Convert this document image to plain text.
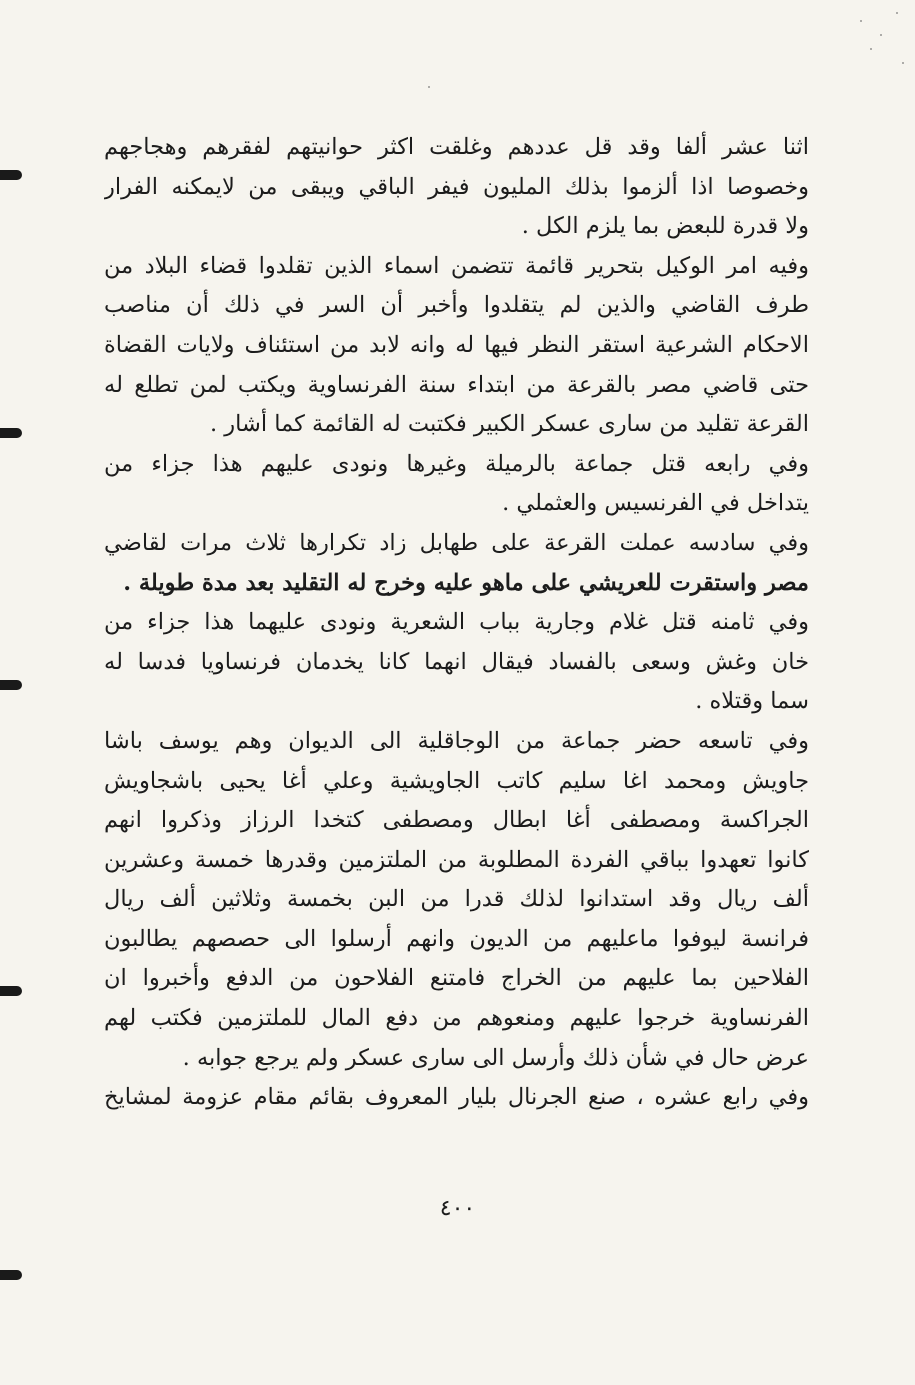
اثنا عشر ألفا وقد قل عددهم وغلقت اكثر حوانيتهم لفقرهم وهجاجهم
وخصوصا اذا ألزموا بذلك المليون فيفر الباقي ويبقى من لايمكنه الفرار
ولا قدرة للبعض بما يلزم الكل .
وفيه امر الوكيل بتحرير قائمة تتضمن اسماء الذين تقلدوا قضاء البلاد من
طرف القاضي والذين لم يتقلدوا وأخبر أن السر في ذلك أن مناصب
الاحكام الشرعية استقر النظر فيها له وانه لابد من استئناف ولايات القضاة
حتى قاضي مصر بالقرعة من ابتداء سنة الفرنساوية ويكتب لمن تطلع له
القرعة تقليد من سارى عسكر الكبير فكتبت له القائمة كما أشار .
وفي رابعه قتل جماعة بالرميلة وغيرها ونودى عليهم هذا جزاء من
يتداخل في الفرنسيس والعثملي .
وفي سادسه عملت القرعة على طهابل زاد تكرارها ثلاث مرات لقاضي
مصر واستقرت للعريشي على ماهو عليه وخرج له التقليد بعد مدة طويلة .
وفي ثامنه قتل غلام وجارية بباب الشعرية ونودى عليهما هذا جزاء من
خان وغش وسعى بالفساد فيقال انهما كانا يخدمان فرنساويا فدسا له
سما وقتلاه .
وفي تاسعه حضر جماعة من الوجاقلية الى الديوان وهم يوسف باشا
جاويش ومحمد اغا سليم كاتب الجاويشية وعلي أغا يحيى باشجاويش
الجراكسة ومصطفى أغا ابطال ومصطفى كتخدا الرزاز وذكروا انهم
كانوا تعهدوا بباقي الفردة المطلوبة من الملتزمين وقدرها خمسة وعشرين
ألف ريال وقد استدانوا لذلك قدرا من البن بخمسة وثلاثين ألف ريال
فرانسة ليوفوا ماعليهم من الديون وانهم أرسلوا الى حصصهم يطالبون
الفلاحين بما عليهم من الخراج فامتنع الفلاحون من الدفع وأخبروا ان
الفرنساوية خرجوا عليهم ومنعوهم من دفع المال للملتزمين فكتب لهم
عرض حال في شأن ذلك وأرسل الى سارى عسكر ولم يرجع جوابه .
وفي رابع عشره ، صنع الجرنال بليار المعروف بقائم مقام عزومة لمشايخ
٤٠٠
